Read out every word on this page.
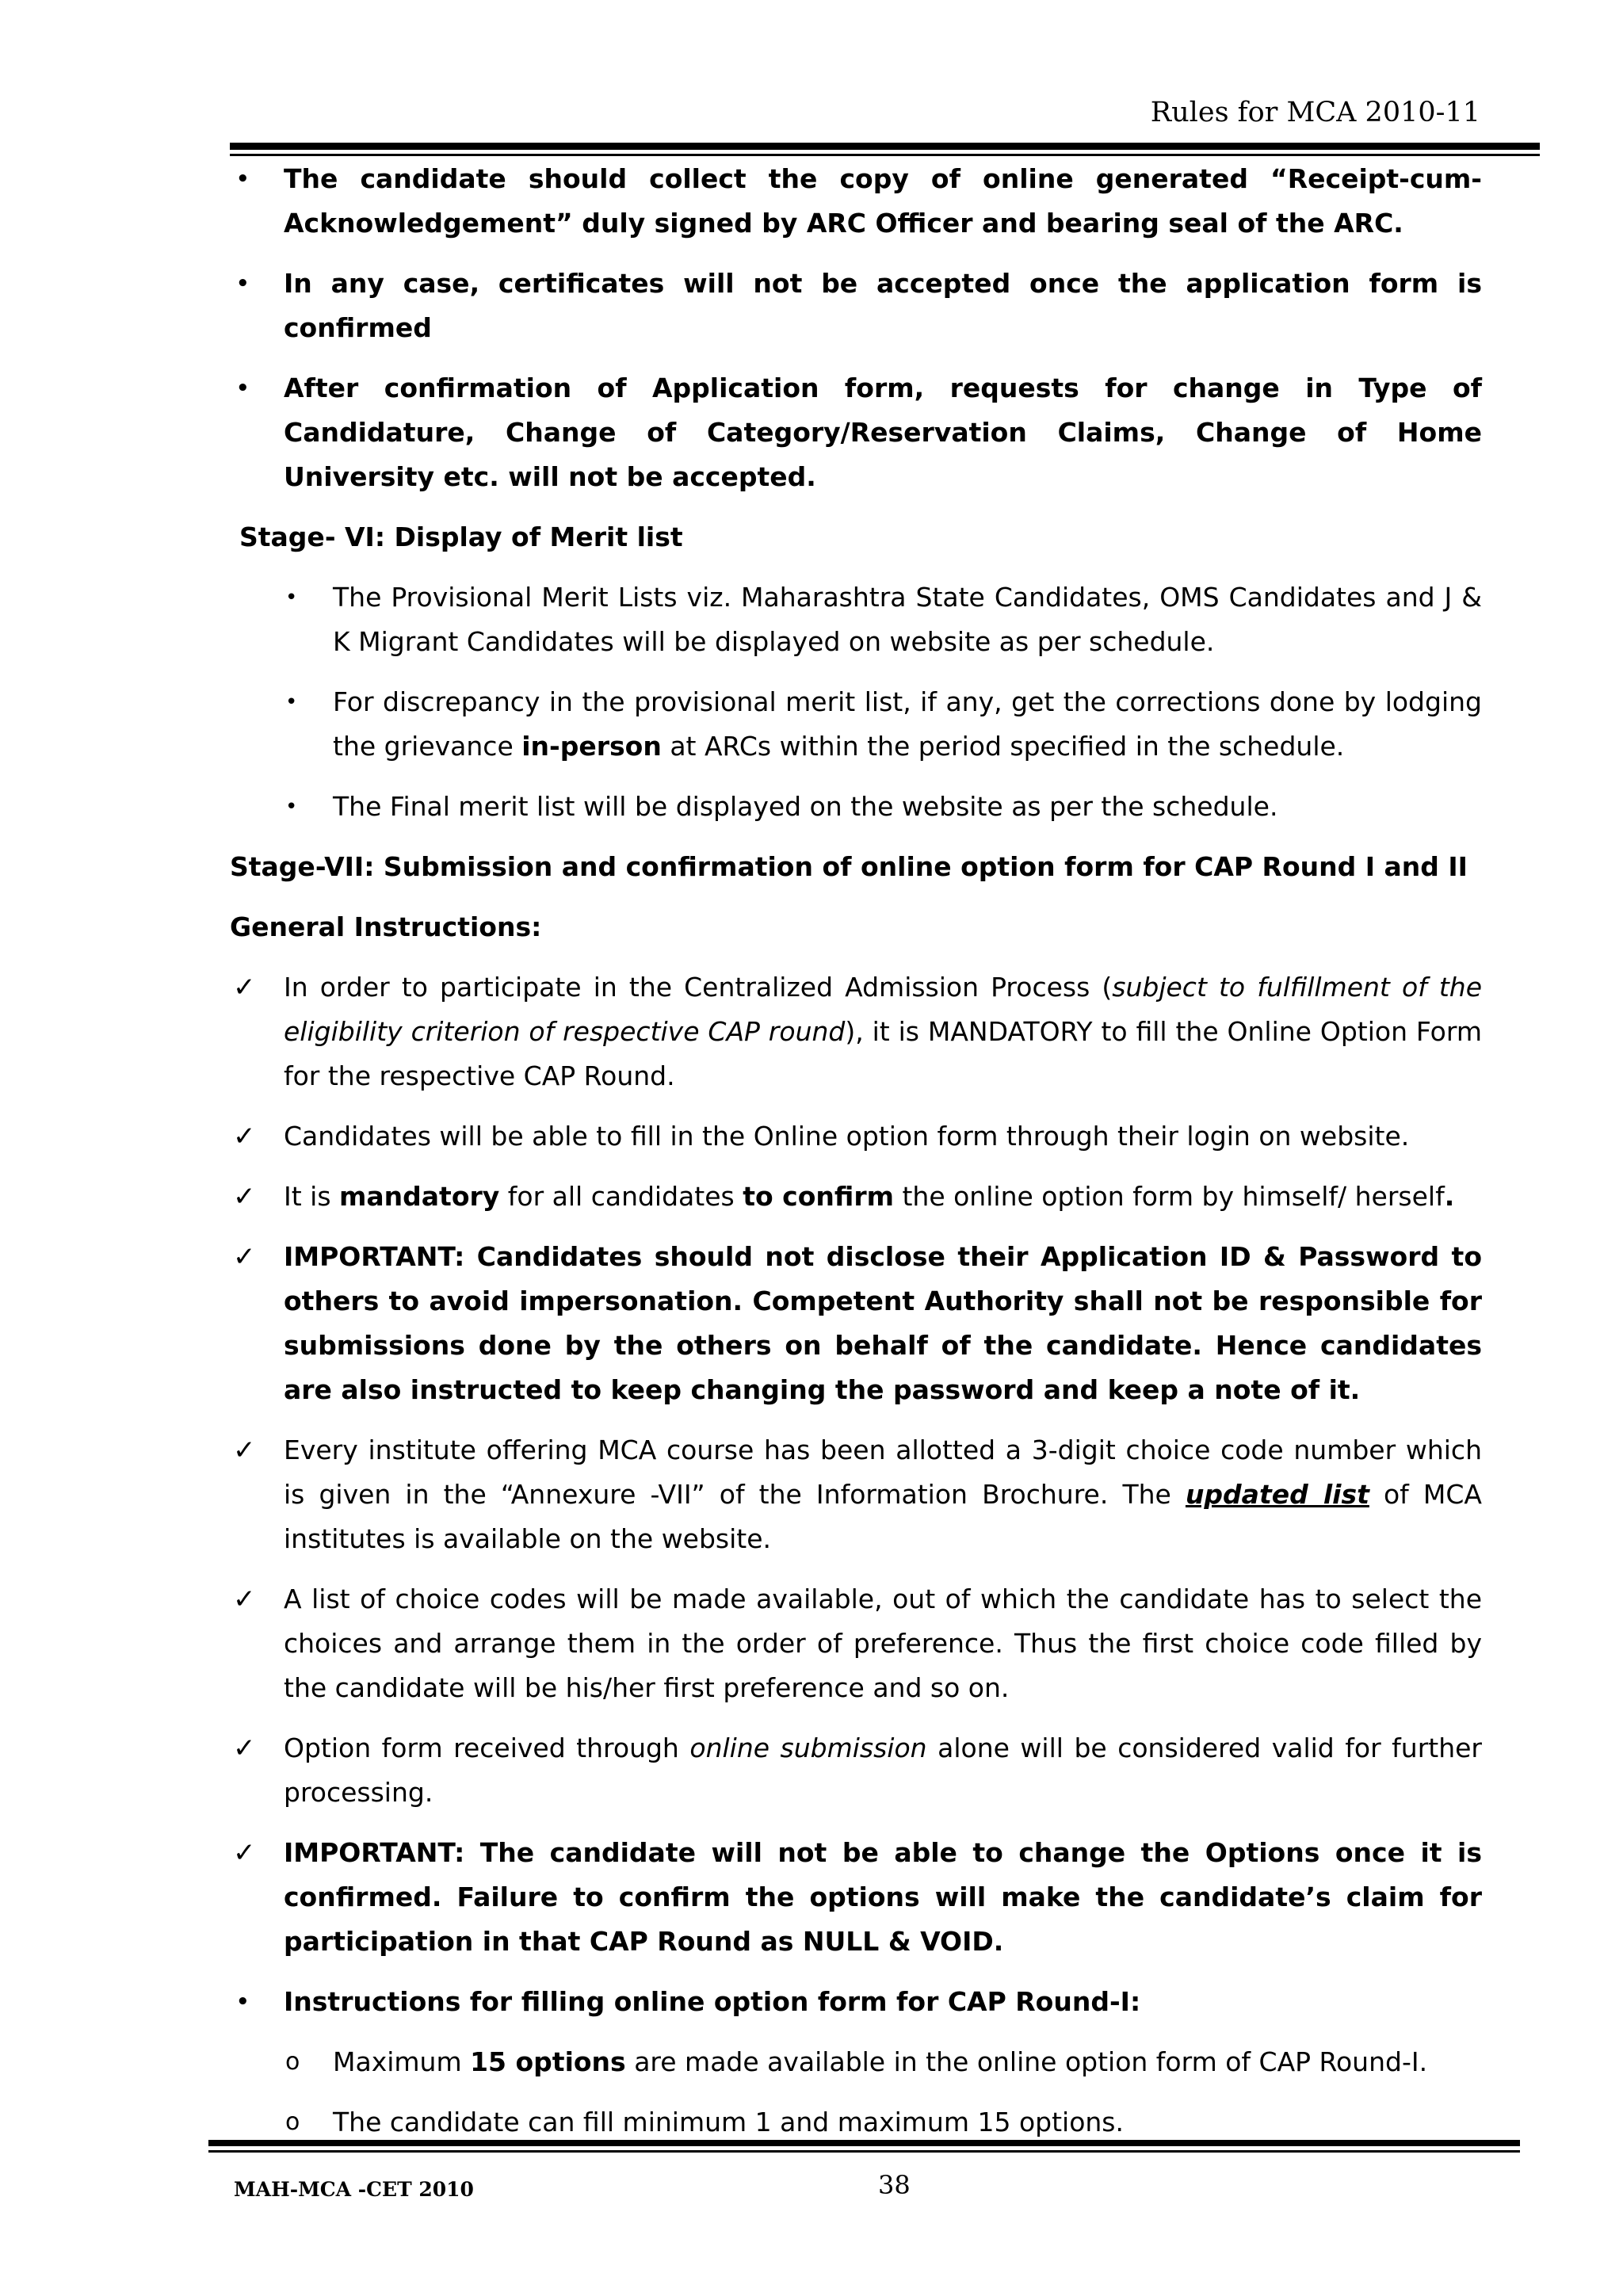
Rules for MCA 2010-11
• The candidate should collect the copy of online generated “Receipt-cum-Acknowledgement” duly signed by ARC Officer and bearing seal of the ARC.
• In any case, certificates will not be accepted once the application form is confirmed
• After confirmation of Application form, requests for change in Type of Candidature, Change of Category/Reservation Claims, Change of Home University etc. will not be accepted.
Stage- VI: Display of Merit list
• The Provisional Merit Lists viz. Maharashtra State Candidates, OMS Candidates and J & K Migrant Candidates will be displayed on website as per schedule.
• For discrepancy in the provisional merit list, if any, get the corrections done by lodging the grievance in-person at ARCs within the period specified in the schedule.
• The Final merit list will be displayed on the website as per the schedule.
Stage-VII: Submission and confirmation of online option form for CAP Round I and II
General Instructions:
✓ In order to participate in the Centralized Admission Process (subject to fulfillment of the eligibility criterion of respective CAP round), it is MANDATORY to fill the Online Option Form for the respective CAP Round.
✓ Candidates will be able to fill in the Online option form through their login on website.
✓ It is mandatory for all candidates to confirm the online option form by himself/ herself.
✓ IMPORTANT: Candidates should not disclose their Application ID & Password to others to avoid impersonation. Competent Authority shall not be responsible for submissions done by the others on behalf of the candidate. Hence candidates are also instructed to keep changing the password and keep a note of it.
✓ Every institute offering MCA course has been allotted a 3-digit choice code number which is given in the “Annexure -VII” of the Information Brochure. The updated list of MCA institutes is available on the website.
✓ A list of choice codes will be made available, out of which the candidate has to select the choices and arrange them in the order of preference. Thus the first choice code filled by the candidate will be his/her first preference and so on.
✓ Option form received through online submission alone will be considered valid for further processing.
✓ IMPORTANT: The candidate will not be able to change the Options once it is confirmed. Failure to confirm the options will make the candidate’s claim for participation in that CAP Round as NULL & VOID.
• Instructions for filling online option form for CAP Round-I:
o Maximum 15 options are made available in the online option form of CAP Round-I.
o The candidate can fill minimum 1 and maximum 15 options.
MAH-MCA -CET 2010	38
